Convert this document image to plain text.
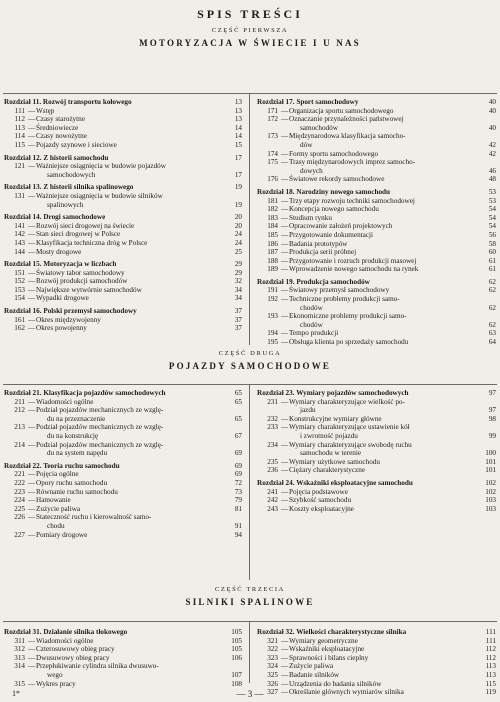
SPIS TREŚCI
CZĘŚĆ PIERWSZA
MOTORYZACJA W ŚWIECIE I U NAS
Rozdział 11. Rozwój transportu kołowego	13
111 —Wstęp	13
112 —Czasy starożytne	13
113 —Średniowiecze	14
114 —Czasy nowożytne	14
115 —Pojazdy szynowe i sieciowe	15
Rozdział 12. Z historii samochodu	17
121 —Ważniejsze osiągnięcia w budowie pojazdów
samochodowych	17
Rozdział 13. Z historii silnika spalinowego	19
131 —Ważniejsze osiągnięcia w budowie silników
spalinowych	19
Rozdział 14. Drogi samochodowe	20
141 —Rozwój sieci drogowej na świecie	20
142 —Stan sieci drogowej w Polsce	24
143 —Klasyfikacja techniczna dróg w Polsce	24
144 —Mosty drogowe	25
Rozdział 15. Motoryzacja w liczbach	29
151 —Światowy tabor samochodowy	29
152 —Rozwój produkcji samochodów	32
153 —Największe wytwórnie samochodów	34
154 —Wypadki drogowe	34
Rozdział 16. Polski przemysł samochodowy	37
161 —Okres międzywojenny	37
162 —Okres powojenny	37
Rozdział 17. Sport samochodowy	40
171 —Organizacja sportu samochodowego	40
172 —Oznaczanie przynależności państwowej
samochodów	40
173 —Międzynarodowa klasyfikacja samocho-
dów	42
174 —Formy sportu samochodowego	42
175 —Trasy międzynarodowych imprez samocho-
dowych	46
176 —Światowe rekordy samochodowe	48
Rozdział 18. Narodziny nowego samochodu	53
181 —Trzy etapy rozwoju techniki samochodowej	53
182 —Koncepcja nowego samochodu	54
183 —Studium rynku	54
184 —Opracowanie założeń projektowych	54
185 —Przygotowanie dokumentacji	56
186 —Badania prototypów	58
187 —Produkcja serii próbnej	60
188 —Przygotowanie i rozruch produkcji masowej	61
189 —Wprowadzenie nowego samochodu na rynek	61
Rozdział 19. Produkcja samochodów	62
191 —Światowy przemysł samochodowy	62
192 —Techniczne problemy produkcji samo-
chodów	62
193 —Ekonomiczne problemy produkcji samo-
chodów	62
194 —Tempo produkcji	63
195 —Obsługa klienta po sprzedaży samochodu	64
CZĘŚĆ DRUGA
POJAZDY SAMOCHODOWE
Rozdział 21. Klasyfikacja pojazdów samochodowych	65
211 —Wiadomości ogólne	65
212 —Podział pojazdów mechanicznych ze wzglę-
du na przeznaczenie	65
213 —Podział pojazdów mechanicznych ze wzglę-
du na konstrukcję	67
214 —Podział pojazdów mechanicznych ze wzglę-
du na system napędu	69
Rozdział 22. Teoria ruchu samochodu	69
221 —Pojęcia ogólne	69
222 —Opory ruchu samochodu	72
223 —Równanie ruchu samochodu	73
224 —Hamowanie	79
225 —Zużycie paliwa	81
226 —Stateczność ruchu i kierowalność samo-
chodu	91
227 —Pomiary drogowe	94
Rozdział 23. Wymiary pojazdów samochodowych	97
231 —Wymiary charakteryzujące wielkość po-
jazdu	97
232 —Konstrukcyjne wymiary główne	98
233 —Wymiary charakteryzujące ustawienie kół
i zwrotność pojazdu	99
234 —Wymiary charakteryzujące swobodę ruchu
samochodu w terenie	100
235 —Wymiary użytkowe samochodu	101
236 —Ciężary charakterystyczne	101
Rozdział 24. Wskaźniki eksploatacyjne samochodu	102
241 —Pojęcia podstawowe	102
242 —Szybkość samochodu	103
243 —Koszty eksploatacyjne	103
CZĘŚĆ TRZECIA
SILNIKI SPALINOWE
Rozdział 31. Działanie silnika tłokowego	105
311 —Wiadomości ogólne	105
312 —Czterosuwowy obieg pracy	105
313 —Dwusuwowy obieg pracy	106
314 —Przepłukiwanie cylindra silnika dwusuwo-
wego	107
315 —Wykres pracy	108
Rozdział 32. Wielkości charakterystyczne silnika	111
321 —Wymiary geometryczne	111
322 —Wskaźniki eksploatacyjne	112
323 —Sprawności i bilans cieplny	112
324 —Zużycie paliwa	113
325 —Badanie silników	113
326 —Urządzenia do badania silników	115
327 —Określanie głównych wymiarów silnika	119
1*	— 3 —
